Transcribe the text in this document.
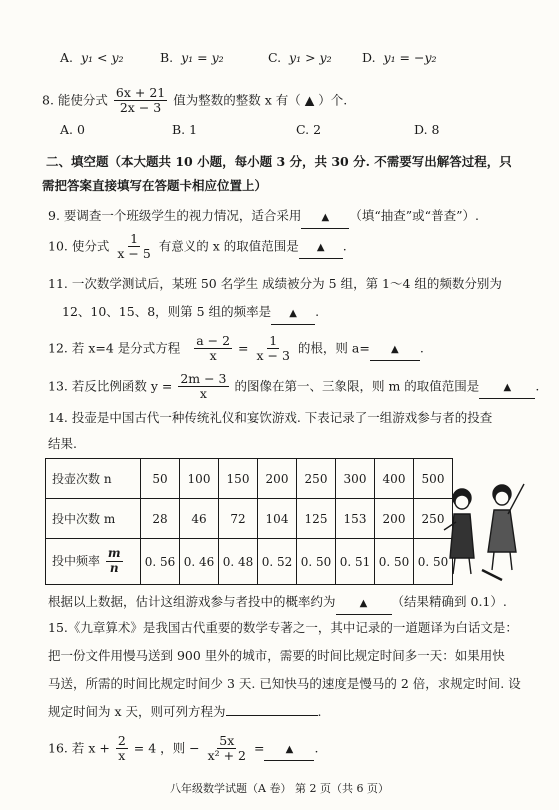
A. y₁ < y₂	B. y₁ = y₂	C. y₁ > y₂ D. y₁ = −y₂
8. 能使分式 $\frac{6x + 21}{2x - 3}$ 值为整数的整数 x 有（ ▲ ）个.
A. 0	B. 1	C. 2	D. 8
二、填空题（本大题共 10 小题，每小题 3 分，共 30 分. 不需要写出解答过程，只
需把答案直接填写在答题卡相应位置上）
9. 要调查一个班级学生的视力情况，适合采用 ▲ （填“抽查”或“普查”）.
10. 使分式 $\frac{1}{x - 5}$ 有意义的 x 的取值范围是 ▲ .
11. 一次数学测试后，某班 50 名学生 成绩被分为 5 组，第 1～4 组的频数分别为
12、10、15、8，则第 5 组的频率是 ▲ .
12. 若 x=4 是分式方程 $\frac{a - 2}{x} = \frac{1}{x - 3}$ 的根，则 a= ▲ .
13. 若反比例函数 $y = \frac{2m - 3}{x}$ 的图像在第一、三象限，则 m 的取值范围是 ▲ .
14. 投壶是中国古代一种传统礼仪和宴饮游戏. 下表记录了一组游戏参与者的投查
结果.
投壶次数 n	50	100	150	200	250	300	400	500
投中次数 m	28	46	72	104	125	153	200	250
投中频率 $\frac{m}{n}$	0. 56	0. 46	0. 48	0. 52	0. 50	0. 51	0. 50	0. 50
根据以上数据，估计这组游戏参与者投中的概率约为 ▲ （结果精确到 0.1）.
15.《九章算术》是我国古代重要的数学专著之一，其中记录的一道题译为白话文是：
把一份文件用慢马送到 900 里外的城市，需要的时间比规定时间多一天：如果用快
马送，所需的时间比规定时间少 3 天. 已知快马的速度是慢马的 2 倍，求规定时间. 设
规定时间为 x 天，则可列方程为	.
16. 若 $x + \frac{2}{x} = 4$ ，则 − $\frac{5x}{\text{x² + 2}}$ = ▲ .
八年级数学试题（A 卷） 第 2 页（共 6 页）
